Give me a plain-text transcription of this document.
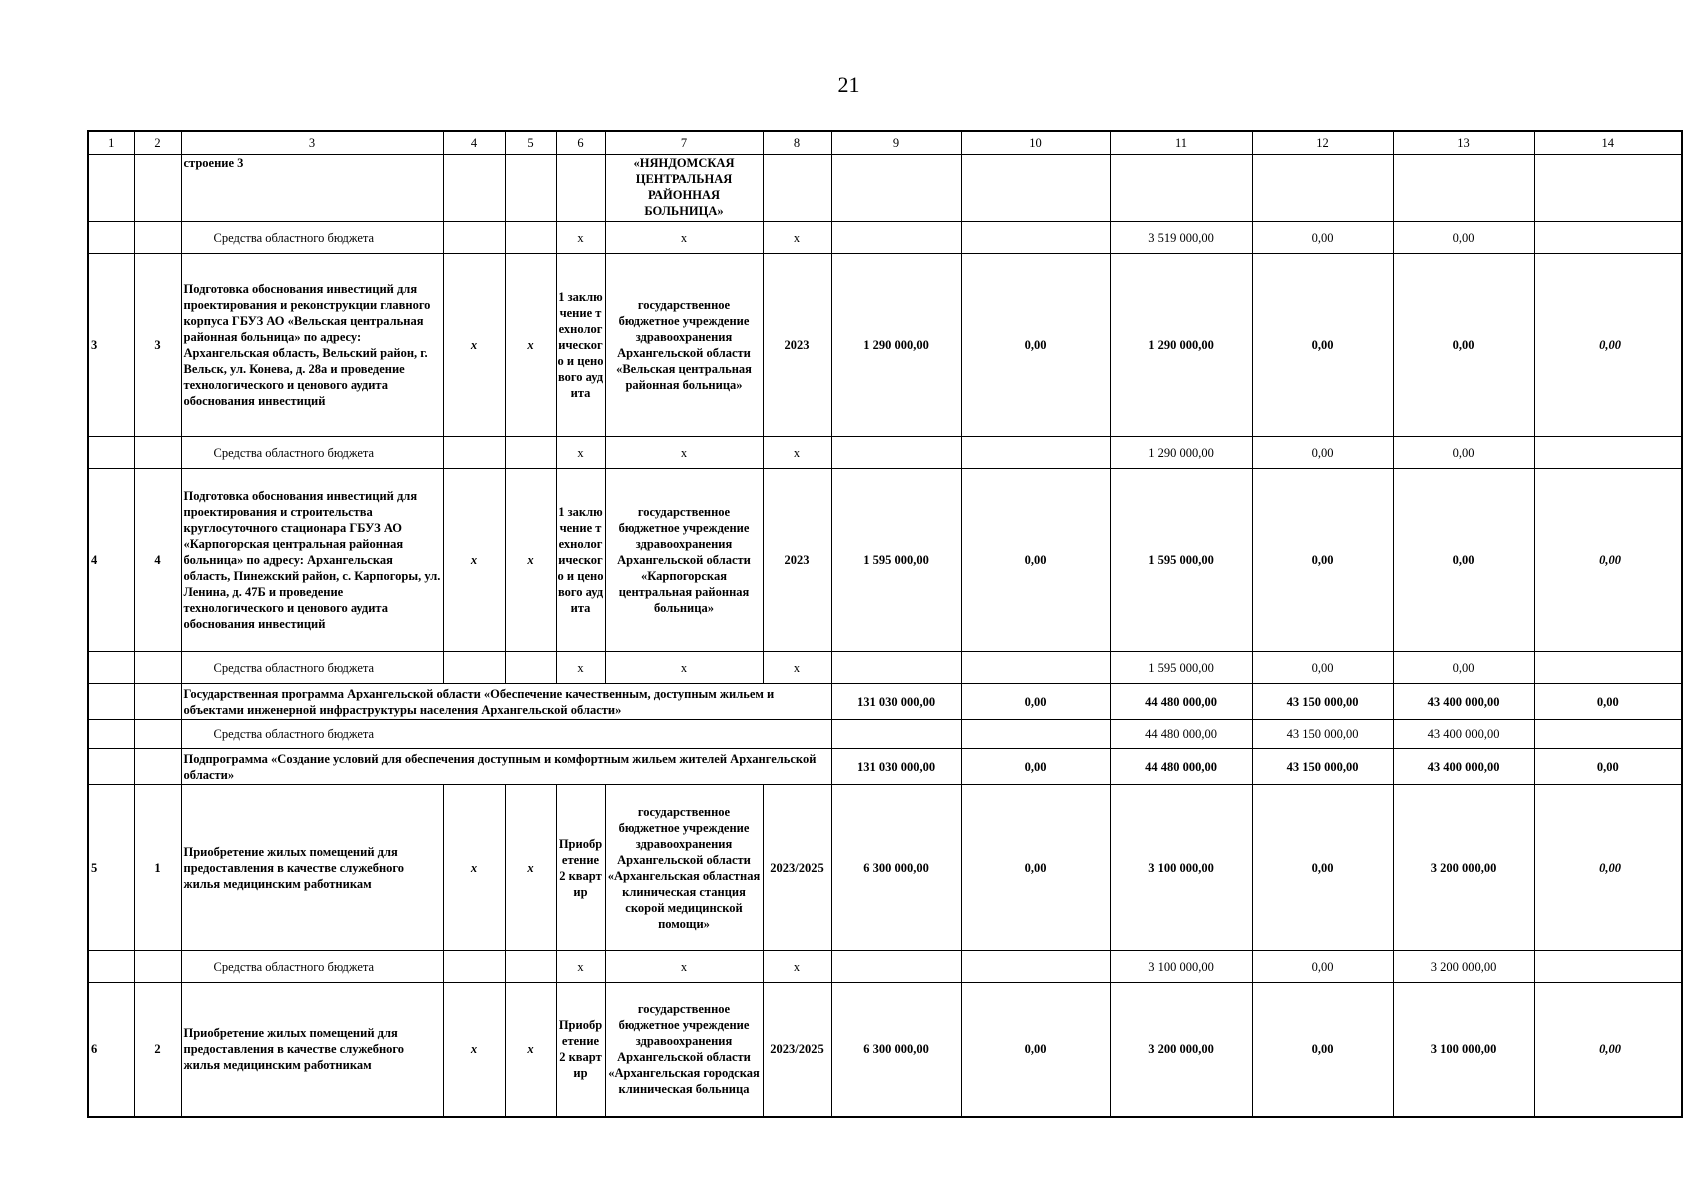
21
1	2	3	4	5	6	7	8	9	10	11	12	13	14
		строение 3				«НЯНДОМСКАЯ ЦЕНТРАЛЬНАЯ РАЙОННАЯ БОЛЬНИЦА»							
		Средства областного бюджета			x	x	x			3 519 000,00	0,00	0,00	
3	3	Подготовка обоснования инвестиций для проектирования и реконструкции главного корпуса ГБУЗ АО «Вельская центральная районная больница» по адресу: Архангельская область, Вельский район, г. Вельск, ул. Конева, д. 28а и проведение технологического и ценового аудита обоснования инвестиций	x	x	1 заключение технологического и ценового аудита	государственное бюджетное учреждение здравоохранения Архангельской области «Вельская центральная районная больница»	2023	1 290 000,00	0,00	1 290 000,00	0,00	0,00	0,00
		Средства областного бюджета			x	x	x			1 290 000,00	0,00	0,00	
4	4	Подготовка обоснования инвестиций для проектирования и строительства круглосуточного стационара ГБУЗ АО «Карпогорская центральная районная больница» по адресу: Архангельская область, Пинежский район, с. Карпогоры, ул. Ленина, д. 47Б и проведение технологического и ценового аудита обоснования инвестиций	x	x	1 заключение технологического и ценового аудита	государственное бюджетное учреждение здравоохранения Архангельской области «Карпогорская центральная районная больница»	2023	1 595 000,00	0,00	1 595 000,00	0,00	0,00	0,00
		Средства областного бюджета			x	x	x			1 595 000,00	0,00	0,00	
		Государственная программа Архангельской области «Обеспечение качественным, доступным жильем и объектами инженерной инфраструктуры населения Архангельской области»						131 030 000,00	0,00	44 480 000,00	43 150 000,00	43 400 000,00	0,00
		Средства областного бюджета								44 480 000,00	43 150 000,00	43 400 000,00	
		Подпрограмма «Создание условий для обеспечения доступным и комфортным жильем жителей Архангельской области»						131 030 000,00	0,00	44 480 000,00	43 150 000,00	43 400 000,00	0,00
5	1	Приобретение жилых помещений для предоставления в качестве служебного жилья медицинским работникам	x	x	Приобретение 2 квартир	государственное бюджетное учреждение здравоохранения Архангельской области «Архангельская областная клиническая станция скорой медицинской помощи»	2023/2025	6 300 000,00	0,00	3 100 000,00	0,00	3 200 000,00	0,00
		Средства областного бюджета			x	x	x			3 100 000,00	0,00	3 200 000,00	
6	2	Приобретение жилых помещений для предоставления в качестве служебного жилья медицинским работникам	x	x	Приобретение 2 квартир	государственное бюджетное учреждение здравоохранения Архангельской области «Архангельская городская клиническая больница	2023/2025	6 300 000,00	0,00	3 200 000,00	0,00	3 100 000,00	0,00
